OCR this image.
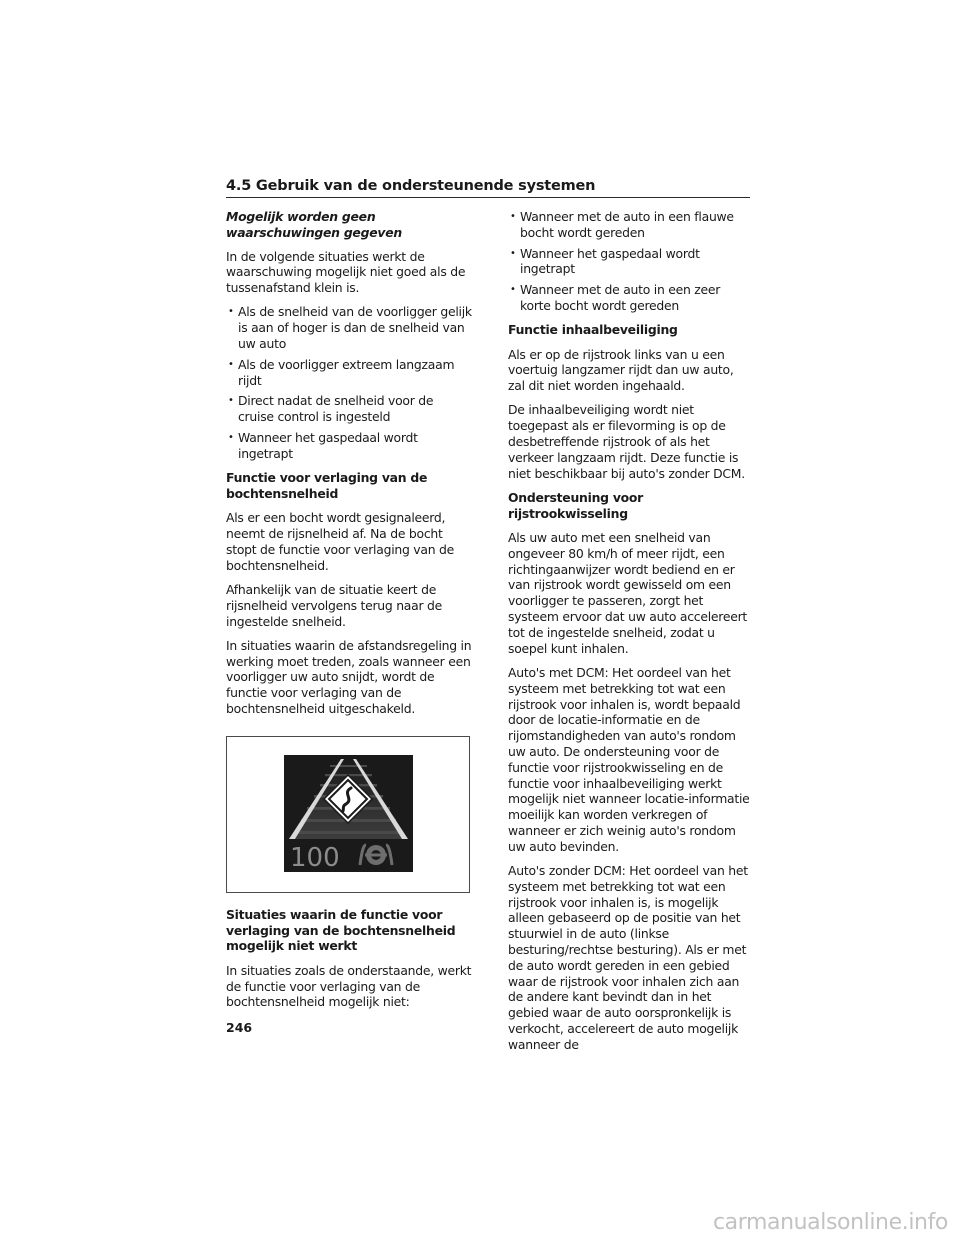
4.5 Gebruik van de ondersteunende systemen

Mogelijk worden geen waarschuwingen gegeven

In de volgende situaties werkt de waarschuwing mogelijk niet goed als de tussenafstand klein is.

• Als de snelheid van de voorligger gelijk is aan of hoger is dan de snelheid van uw auto
• Als de voorligger extreem langzaam rijdt
• Direct nadat de snelheid voor de cruise control is ingesteld
• Wanneer het gaspedaal wordt ingetrapt

Functie voor verlaging van de bochtensnelheid

Als er een bocht wordt gesignaleerd, neemt de rijsnelheid af. Na de bocht stopt de functie voor verlaging van de bochtensnelheid.

Afhankelijk van de situatie keert de rijsnelheid vervolgens terug naar de ingestelde snelheid.

In situaties waarin de afstandsregeling in werking moet treden, zoals wanneer een voorligger uw auto snijdt, wordt de functie voor verlaging van de bochtensnelheid uitgeschakeld.

100

Situaties waarin de functie voor verlaging van de bochtensnelheid mogelijk niet werkt

In situaties zoals de onderstaande, werkt de functie voor verlaging van de bochtensnelheid mogelijk niet:

• Wanneer met de auto in een flauwe bocht wordt gereden
• Wanneer het gaspedaal wordt ingetrapt
• Wanneer met de auto in een zeer korte bocht wordt gereden

Functie inhaalbeveiliging

Als er op de rijstrook links van u een voertuig langzamer rijdt dan uw auto, zal dit niet worden ingehaald.

De inhaalbeveiliging wordt niet toegepast als er filevorming is op de desbetreffende rijstrook of als het verkeer langzaam rijdt. Deze functie is niet beschikbaar bij auto's zonder DCM.

Ondersteuning voor rijstrookwisseling

Als uw auto met een snelheid van ongeveer 80 km/h of meer rijdt, een richtingaanwijzer wordt bediend en er van rijstrook wordt gewisseld om een voorligger te passeren, zorgt het systeem ervoor dat uw auto accelereert tot de ingestelde snelheid, zodat u soepel kunt inhalen.

Auto's met DCM: Het oordeel van het systeem met betrekking tot wat een rijstrook voor inhalen is, wordt bepaald door de locatie-informatie en de rijomstandigheden van auto's rondom uw auto. De ondersteuning voor de functie voor rijstrookwisseling en de functie voor inhaalbeveiliging werkt mogelijk niet wanneer locatie-informatie moeilijk kan worden verkregen of wanneer er zich weinig auto's rondom uw auto bevinden.

Auto's zonder DCM: Het oordeel van het systeem met betrekking tot wat een rijstrook voor inhalen is, is mogelijk alleen gebaseerd op de positie van het stuurwiel in de auto (linkse besturing/rechtse besturing). Als er met de auto wordt gereden in een gebied waar de rijstrook voor inhalen zich aan de andere kant bevindt dan in het gebied waar de auto oorspronkelijk is verkocht, accelereert de auto mogelijk wanneer de

246
carmanualsonline.info
